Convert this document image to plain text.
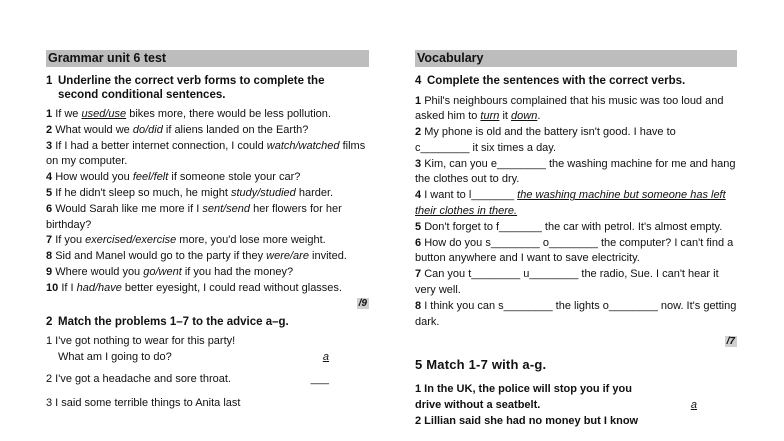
Grammar unit 6 test
1 Underline the correct verb forms to complete the
second conditional sentences.

1 If we used/use bikes more, there would be less pollution.

2 What would we do/did if aliens landed on the Earth?

3 If I had a better internet connection, I could watch/watched films on my computer.

4 How would you feel/felt if someone stole your car?

5 If he didn't sleep so much, he might study/studied harder.

6 Would Sarah like me more if I sent/send her flowers for her birthday?

7 If you exercised/exercise more, you'd lose more weight.

8 Sid and Manel would go to the party if they were/are invited.

9 Where would you go/went if you had the money?

10 If I had/have better eyesight, I could read without glasses.

/9
2 Match the problems 1–7 to the advice a–g.
1 I've got nothing to wear for this party!
What am I going to do?	a
2 I've got a headache and sore throat.	___
3 I said some terrible things to Anita last
Vocabulary
4 Complete the sentences with the correct verbs.

1 Phil's neighbours complained that his music was too loud and asked him to turn it down.

2 My phone is old and the battery isn't good. I have to
c________ it six times a day.

3 Kim, can you e________ the washing machine for me and hang the clothes out to dry.

4 I want to l_______ the washing machine but someone has left their clothes in there.

5 Don't forget to f_______ the car with petrol. It's almost empty.

6 How do you s________ o________ the computer? I can't find a button anywhere and I want to save electricity.

7 Can you t________ u________ the radio, Sue. I can't hear it very well.

8 I think you can s________ the lights o________ now. It's getting dark.

/7
5 Match 1-7 with a-g.
1 In the UK, the police will stop you if you
drive without a seatbelt.	a
2 Lillian said she had no money but I know
